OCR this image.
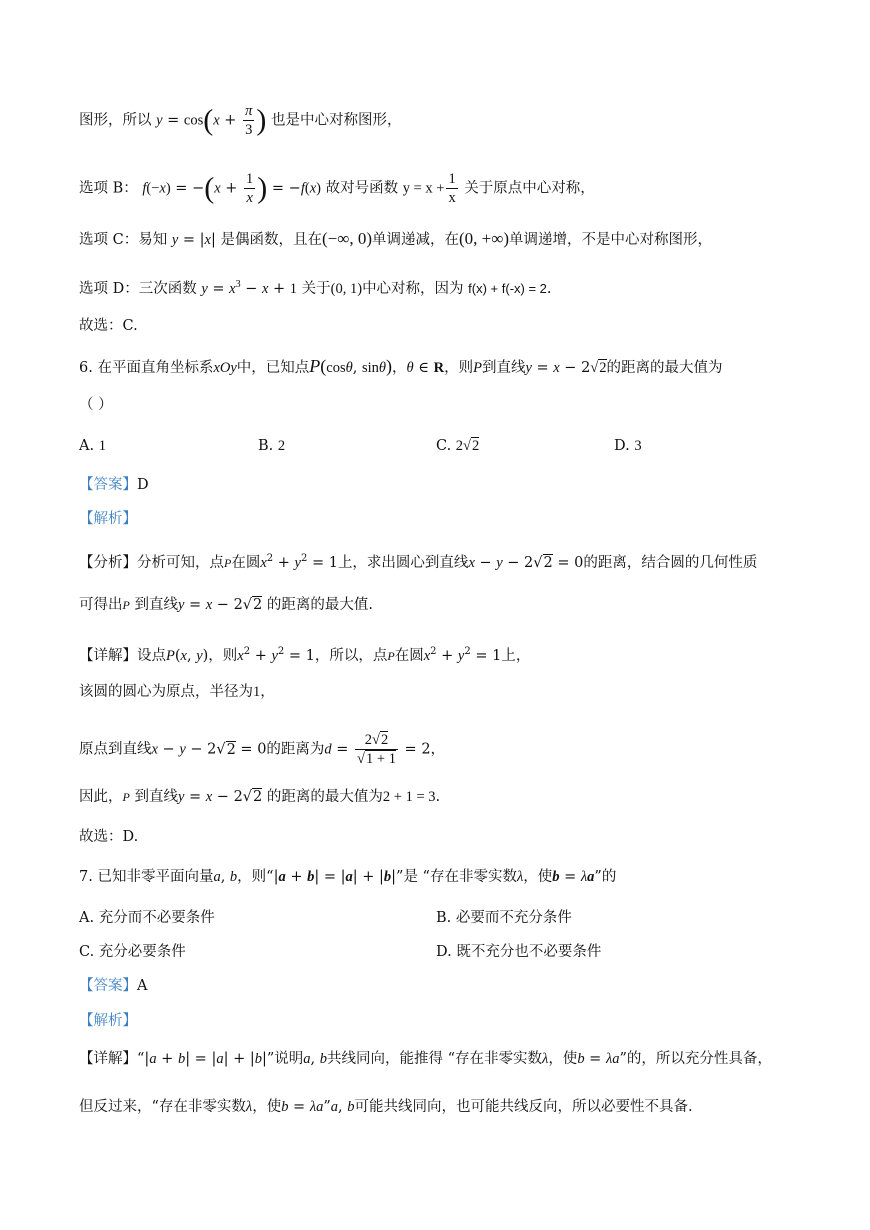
图形，所以 $y = \cos(x + \frac{\pi}{3}$ ) 也是中心对称图形，
选项 B： $f(-x) = -(x + \frac{1}{x}$ ) = −f(x) 故对号函数 $y = x + \frac{1}{x}$ 关于原点中心对称，
选项 C：易知 y = |x| 是偶函数，且在(−∞, 0)单调递减，在(0, +∞)单调递增，不是中心对称图形，
选项 D：三次函数 $y = x^3 - x + 1$ 关于(0, 1)中心对称，因为 f(x) + f(-x) = 2.
故选：C.
6. 在平面直角坐标系xOy中，已知点P(cosθ, sinθ)，θ ∈ R，则P到直线y = x − 2√2的距离的最大值为
（ ）
A. 1	B. 2	C. 2√2	D. 3
【答案】D
【解析】
【分析】分析可知，点P在圆$x^2 + y^2 = 1$上，求出圆心到直线x − y − 2√2 = 0的距离，结合圆的几何性质
可得出P 到直线y = x − 2√2 的距离的最大值.
【详解】设点P(x, y)，则$x^2 + y^2 = 1$，所以，点P在圆$x^2 + y^2 = 1$上，
该圆的圆心为原点，半径为1，
原点到直线x − y − 2√2 = 0的距离为$d = \frac{2√2}{√1 + 1} = 2$，
因此，P 到直线y = x − 2√2 的距离的最大值为2 + 1 = 3.
故选：D.
7. 已知非零平面向量a, b，则“|a + b| = |a| + |b|”是 “存在非零实数λ，使b = λa”的
A. 充分而不必要条件	B. 必要而不充分条件
C. 充分必要条件	D. 既不充分也不必要条件
【答案】A
【解析】
【详解】“|a + b| = |a| + |b|”说明a, b共线同向，能推得 “存在非零实数λ，使b = λa”的，所以充分性具备，
但反过来，“存在非零实数λ，使b = λa”a, b可能共线同向，也可能共线反向，所以必要性不具备.
